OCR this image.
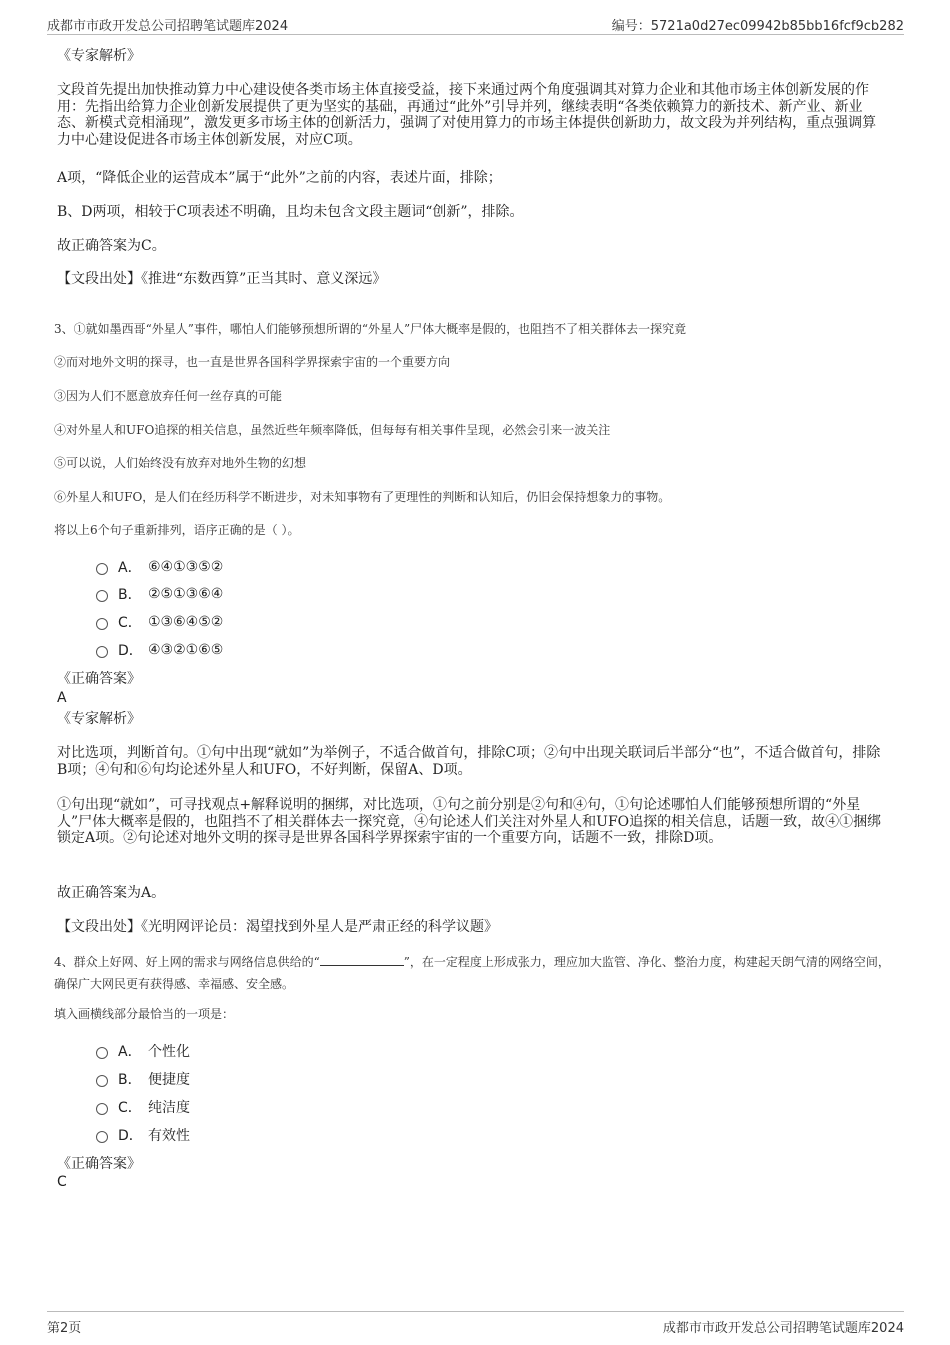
成都市市政开发总公司招聘笔试题库2024	编号：5721a0d27ec09942b85bb16fcf9cb282
《专家解析》
文段首先提出加快推动算力中心建设使各类市场主体直接受益，接下来通过两个角度强调其对算力企业和其他市场主体创新发展的作用：先指出给算力企业创新发展提供了更为坚实的基础，再通过“此外”引导并列，继续表明“各类依赖算力的新技术、新产业、新业态、新模式竞相涌现”，激发更多市场主体的创新活力，强调了对使用算力的市场主体提供创新助力，故文段为并列结构，重点强调算力中心建设促进各市场主体创新发展，对应C项。
A项，“降低企业的运营成本”属于“此外”之前的内容，表述片面，排除；
B、D两项，相较于C项表述不明确，且均未包含文段主题词“创新”，排除。
故正确答案为C。
【文段出处】《推进“东数西算”正当其时、意义深远》
3、①就如墨西哥“外星人”事件，哪怕人们能够预想所谓的“外星人”尸体大概率是假的，也阻挡不了相关群体去一探究竟
②而对地外文明的探寻，也一直是世界各国科学界探索宇宙的一个重要方向
③因为人们不愿意放弃任何一丝存真的可能
④对外星人和UFO追探的相关信息，虽然近些年频率降低，但每每有相关事件呈现，必然会引来一波关注
⑤可以说，人们始终没有放弃对地外生物的幻想
⑥外星人和UFO，是人们在经历科学不断进步，对未知事物有了更理性的判断和认知后，仍旧会保持想象力的事物。
将以上6个句子重新排列，语序正确的是（ ）。
A． ⑥④①③⑤②
B． ②⑤①③⑥④
C． ①③⑥④⑤②
D． ④③②①⑥⑤
《正确答案》
A
《专家解析》
对比选项，判断首句。①句中出现“就如”为举例子，不适合做首句，排除C项；②句中出现关联词后半部分“也”，不适合做首句，排除B项；④句和⑥句均论述外星人和UFO，不好判断，保留A、D项。
①句出现“就如”，可寻找观点+解释说明的捆绑，对比选项，①句之前分别是②句和④句，①句论述哪怕人们能够预想所谓的“外星人”尸体大概率是假的，也阻挡不了相关群体去一探究竟，④句论述人们关注对外星人和UFO追探的相关信息，话题一致，故④①捆绑锁定A项。②句论述对地外文明的探寻是世界各国科学界探索宇宙的一个重要方向，话题不一致，排除D项。
故正确答案为A。
【文段出处】《光明网评论员：渴望找到外星人是严肃正经的科学议题》
4、群众上好网、好上网的需求与网络信息供给的“	”，在一定程度上形成张力，理应加大监管、净化、整治力度，构建起天朗气清的网络空间，确保广大网民更有获得感、幸福感、安全感。
填入画横线部分最恰当的一项是：
A． 个性化
B． 便捷度
C． 纯洁度
D． 有效性
《正确答案》
C
第2页	成都市市政开发总公司招聘笔试题库2024
